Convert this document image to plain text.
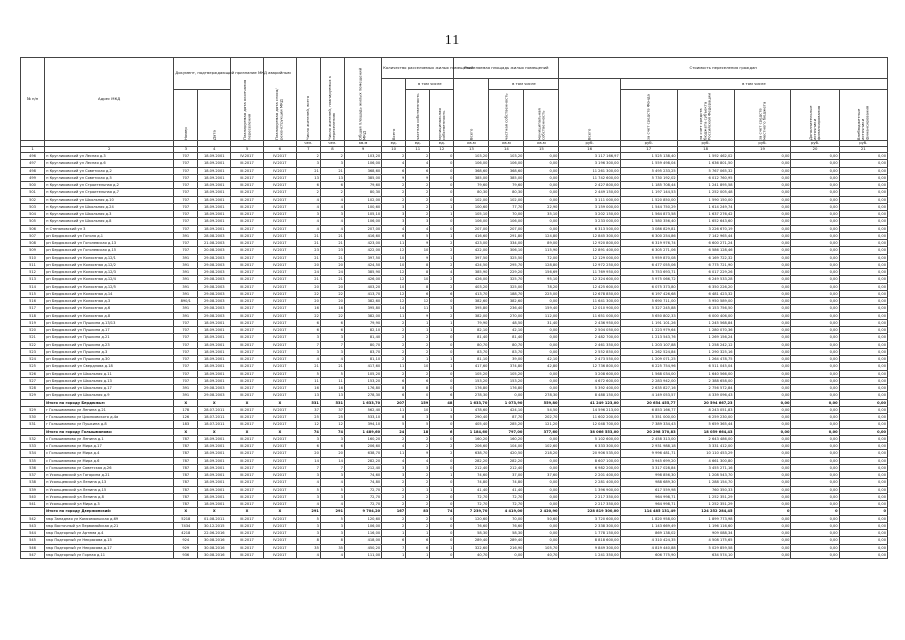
11
№ п/п	Адрес МКД	Документ, подтверждающий признание МКД аварийным		Планируемая дата окончания переселения	Планируемая дата сноса/ реконструкции МКД	Число жителей, всего	Число жителей, планируемых к переселению	Общая площадь жилых помещений МКД	Количество расселяемых жилых помещений			Расселяемая площадь жилых помещений			Стоимость переселения граждан					
									Всего	в том числе		Всего	в том числе		Всего	в том числе				
		Номер	Дата							частная собственность	муниципальная собственность		частная собственность	муниципальная собственность		за счет средств Фонда	за счет средств бюджета субъекта Российской Федерации	за счет средств местного бюджета	Дополнительные источники финансирования	Внебюджетные источники финансирования
						чел.	чел.	кв.м	ед.	ед.	ед.	кв.м	кв.м	кв.м	руб.	руб.	руб.	руб.	руб.	руб.
1	2	3	4	5	6	7	8	9	10	11	12	13	14	15	16	17	18	19	20	21
496	п Кругликовский ул Лесная д.3	707	18.09.2001	IV.2017	IV.2017	2	2	103,20	2	2	0	103,20	103,20	0,00	3 117 166,97	1 525 138,40	1 592 462,02	0,00	0,00	0,00
497	п Кругликовский ул Лесная д.6	707	18.09.2001	III.2017	IV.2017	3	3	106,00	4	4	0	106,00	106,00	0,00	3 196 300,00	1 559 498,04	1 636 801,50	0,00	0,00	0,00
498	п Кругликовский ул Советская д.2	707	18.09.2001	III.2017	IV.2017	21	21	368,60	6	6	0	368,60	368,60	0,00	11 261 300,00	5 495 233,25	5 767 065,32	0,00	0,00	0,00
499	п Кругликовский ул Советская д.5	707	18.09.2001	III.2017	IV.2017	13	13	385,00	9	9	0	385,00	385,00	0,00	11 742 600,00	5 730 192,02	6 012 760,95	0,00	0,00	0,00
500	п Кругликовский ул Строительная д.2	707	18.09.2001	III.2017	IV.2017	6	6	79,60	2	2	0	79,60	79,60	0,00	2 427 800,00	1 185 708,44	1 241 895,58	0,00	0,00	0,00
501	п Кругликовский ул Строительная д.7	707	18.09.2001	III.2017	IV.2017	2	2	80,30	2	2	0	80,30	80,30	0,00	2 449 150,00	1 197 144,53	1 252 005,48	0,00	0,00	0,00
502	п Кругликовский ул Школьная д.10	707	18.09.2001	III.2017	IV.2017	4	4	102,00	2	2	0	102,00	102,00	0,00	3 111 000,00	1 520 850,00	1 590 150,00	0,00	0,00	0,00
503	п Кругликовский ул Школьная д.24	707	18.09.2001	III.2017	IV.2017	4	4	100,60	3	2	1	100,60	77,70	22,90	3 159 000,00	1 544 750,29	1 614 249,74	0,00	0,00	0,00
504	п Кругликовский ул Школьная д.3	707	18.09.2001	III.2017	IV.2017	3	3	105,10	3	2	1	105,10	70,00	35,10	3 202 150,00	1 564 873,58	1 637 276,42	0,00	0,00	0,00
505	п Кругликовский ул Школьная д.8	707	18.09.2001	III.2017	IV.2017	4	4	106,00	3	3	0	106,00	106,00	0,00	3 233 000,00	1 580 356,40	1 652 643,60	0,00	0,00	0,00
506	п Степановский ул 3	707	18.09.2001	III.2017	IV.2017	4	4	207,00	4	4	0	207,00	207,00	0,00	6 313 500,00	3 086 829,81	3 226 670,19	0,00	0,00	0,00
507	рп Бердюжский ул Гоголя д.1	391	28.08.2003	III.2017	IV.2017	21	21	416,60	6	5	1	416,60	291,80	124,80	12 845 300,00	6 300 254,86	7 142 965,44	0,00	0,00	0,00
508	рп Бердюжский ул Гоголевская д.13	707	21.08.2003	III.2017	IV.2017	21	21	423,00	11	9	2	423,00	334,00	89,00	12 920 800,00	6 319 976,74	6 600 271,24	0,00	0,00	0,00
509	рп Бердюжский ул Гоголевская д.15	707	20.08.2003	III.2017	IV.2017	23	23	422,00	12	10	2	422,00	306,10	115,90	12 891 400,00	6 305 271,06	6 586 128,46	0,00	0,00	0,00
510	рп Бердюжский ул Колхозная д.12/1	391	29.08.2003	III.2017	IV.2017	21	21	397,50	10	9	1	397,50	325,50	72,00	12 129 000,00	5 959 870,08	6 169 722,32	0,00	0,00	0,00
511	рп Бердюжский ул Колхозная д.12/2	391	29.08.2003	III.2017	IV.2017	20	20	424,50	10	8	2	424,50	295,70	128,80	12 972 250,00	6 477 055,06	6 775 721,90	0,00	0,00	0,00
512	рп Бердюжский ул Колхозная д.12/3	391	29.08.2003	III.2017	IV.2017	24	24	385,90	12	8	4	385,90	229,20	156,69	11 769 950,00	5 753 693,71	6 017 229,26	0,00	0,00	0,00
513	рп Бердюжский ул Колхозная д.12/4	391	29.08.2003	III.2017	IV.2017	21	21	426,00	12	10	2	426,00	325,70	95,10	12 324 600,00	5 975 066,72	6 249 533,28	0,00	0,00	0,00
514	рп Бердюжский ул Колхозная д.12/5	391	29.08.2003	III.2017	IV.2017	20	20	403,20	10	8	2	403,20	325,00	78,20	12 425 600,00	6 075 373,80	6 350 226,20	0,00	0,00	0,00
515	рп Бердюжский ул Колхозная д.14	391	29.08.2003	III.2017	IV.2017	22	22	413,70	12	6	6	413,70	188,70	225,00	12 678 850,00	6 197 426,68	6 481 423,32	0,00	0,00	0,00
516	рп Бердюжский ул Колхозная д.3	890/1	29.08.2003	III.2017	IV.2017	20	20	382,60	12	12	0	382,60	382,60	0,00	11 641 300,00	5 690 711,00	5 950 589,00	0,00	0,00	0,00
517	рп Бердюжский ул Колхозная д.6	391	29.08.2003	III.2017	IV.2017	16	16	395,80	14	11	3	395,80	236,40	159,40	12 010 900,00	5 327 245,88	6 153 756,50	0,00	0,00	0,00
518	рп Бердюжский ул Колхозная д.8	391	29.08.2003	III.2017	IV.2017	22	22	382,00	11	9	2	382,00	270,00	112,00	11 651 000,00	5 650 802,33	6 000 406,00	0,00	0,00	0,00
519	рп Бердюжский ул Пушкина д.13/13	707	18.09.2001	III.2017	IV.2017	6	6	79,90	2	1	1	79,90	48,50	31,40	2 436 950,00	1 191 101,26	1 245 568,84	0,00	0,00	0,00
520	рп Бердюжский ул Пушкина д.17	707	18.09.2001	III.2017	IV.2017	6	6	82,10	2	1	1	82,10	42,10	0,00	2 504 050,00	1 223 979,64	1 280 070,36	0,00	0,00	0,00
521	рп Бердюжский ул Пушкина д.21	707	18.09.2001	III.2017	IV.2017	3	3	81,40	2	2	0	81,40	81,40	0,00	2 482 700,00	1 213 543,76	1 269 156,24	0,00	0,00	0,00
522	рп Бердюжский ул Пушкина д.23	707	18.09.2001	III.2017	IV.2017	7	7	80,70	2	2	0	80,70	80,70	0,00	2 461 350,00	1 203 107,88	1 258 242,12	0,00	0,00	0,00
523	рп Бердюжский ул Пушкина д.3	707	18.09.2001	III.2017	IV.2017	3	3	83,70	2	2	0	83,70	83,70	0,00	2 552 850,00	1 262 524,84	1 290 325,16	0,00	0,00	0,00
524	рп Бердюжский ул Пушкина д.30	707	18.09.2001	III.2017	IV.2017	4	4	81,10	2	1	1	81,10	39,00	42,10	2 473 550,00	1 209 071,25	1 264 478,75	0,00	0,00	0,00
525	рп Бердюжский ул Свердлова д.18	707	18.09.2001	III.2017	IV.2017	21	21	417,60	11	10	1	417,60	374,80	42,80	12 736 800,00	6 225 754,96	6 511 045,04	0,00	0,00	0,00
526	рп Бердюжский ул Школьная д.11	707	18.09.2001	III.2017	IV.2017	5	5	105,20	2	2	0	105,20	105,20	0,00	3 208 600,00	1 568 034,00	1 640 566,00	0,00	0,00	0,00
527	рп Бердюжский ул Школьная д.13	707	18.09.2001	III.2017	IV.2017	11	11	153,20	6	6	0	153,20	153,20	0,00	4 672 600,00	2 283 942,00	2 388 658,00	0,00	0,00	0,00
528	рп Бердюжский ул Школьная д.17	391	29.08.2003	III.2017	IV.2017	16	16	176,80	8	8	0	176,80	176,80	0,00	5 392 400,00	2 635 827,16	2 756 572,84	0,00	0,00	0,00
529	рп Бердюжский ул Школьная д.9	391	29.08.2003	III.2017	IV.2017	13	13	278,30	6	0	6	278,30	0,00	278,30	8 488 150,00	4 149 053,57	4 339 096,43	0,00	0,00	0,00
	Итого по городу Бердюжье:	X	X	X	X	531	531	1 633,70	207	159	48	1 633,70	1 073,90	559,80	41 249 123,00	20 654 455,77	20 594 667,23	0,00	0,00	0,00
529	г Голышманово ул Ленина д.21	178	28.07.2011	III.2017	IV.2017	37	37	562,40	11	10	1	478,60	424,10	54,50	14 596 213,00	6 853 166,77	8 243 051,83	0,00	0,00	0,00
530	г Голышманово ул Циолковского д.4а	126	18.07.2011	III.2017	IV.2017	25	25	533,10	8	3	5	290,40	87,70	202,70	11 602 200,00	5 351 000,00	6 259 230,00	0,00	0,00	0,00
531	г Голышманово ул Пушкина д.8	183	18.07.2011	III.2017	IV.2017	12	12	394,10	5	5	0	405,40	285,20	121,20	12 048 700,00	7 389 334,43	5 659 365,44	0,00	0,00	0,00
	Итого по городу Голышманово:	X	X	X	X	74	74	1 489,60	24	18	6	1 184,60	797,00	377,60	38 066 553,00	20 298 370,83	18 059 664,43	0,00	0,00	0,00
532	с Голышманово ул Ленина д.1	787	18.09.2001	III.2017	IV.2017	3	3	160,20	2	2	0	160,20	160,20	0,00	5 102 600,00	2 458 313,00	2 643 486,00	0,00	0,00	0,00
533	с Голышманово ул Мира д.17	787	18.09.2001	III.2017	IV.2017	6	6	206,60	4	2	2	206,60	104,00	102,60	6 333 300,00	2 931 988,18	3 331 412,00	0,00	0,00	0,00
534	с Голышманово ул Мира д.4	787	18.09.2001	III.2017	IV.2017	20	20	638,70	11	9	2	638,70	420,50	218,20	20 906 535,00	9 996 481,71	10 110 453,29	0,00	0,00	0,00
535	с Голышманово ул Мира д.6	787	18.09.2001	III.2017	IV.2017	14	14	282,20	4	4	0	282,20	282,20	0,00	8 607 100,00	3 945 699,20	4 661 300,80	0,00	0,00	0,00
536	с Голышманово ул Советская д.26	787	18.09.2001	III.2017	IV.2017	7	7	212,40	3	3	0	212,40	212,40	0,00	6 982 200,00	3 317 028,84	3 455 271,16	0,00	0,00	0,00
537	п Усольцевский ул Гагарина д.21	787	18.09.2001	III.2017	IV.2017	3	3	74,60	3	2	1	74,60	37,00	37,60	2 201 400,00	998 856,30	1 208 543,70	0,00	0,00	0,00
538	п Усольцевский ул Ленина д.13	787	18.09.2001	III.2017	IV.2017	4	4	74,80	2	2	0	74,80	74,80	0,00	2 281 400,00	988 689,30	1 288 154,70	0,00	0,00	0,00
539	п Усольцевский ул Ленина д.15	787	18.09.2001	III.2017	IV.2017	5	5	72,70	2	1	1	41,40	41,40	0,00	1 396 900,00	617 559,98	760 350,33	0,00	0,00	0,00
540	п Усольцевский ул Ленина д.8	787	18.09.2001	III.2017	IV.2017	3	3	72,70	2	2	0	72,70	72,70	0,00	2 217 350,00	964 998,71	1 252 351,29	0,00	0,00	0,00
541	п Усольцевский ул Мира д.3	787	18.09.2001	III.2017	IV.2017	4	4	72,70	2	2	0	72,70	72,70	0,00	2 217 350,00	964 998,71	1 252 351,29	0,00	0,00	0,00
	Итого по городу Дзержинский:	X	X	X	X	291	291	9 704,20	167	83	74	7 239,70	4 419,00	2 420,90	228 819 300,00	114 485 131,49	124 252 284,45	0	0	0
542	мкр Западная ул Комсомольская д.69	5218	01.08.2011	III.2017	IV.2017	5	5	120,60	2	2	0	120,60	70,00	50,60	3 720 600,00	1 820 958,00	1 899 773,98	0,00	0,00	0,00
543	мкр Восточный ул Первомайская д.21	7434	30.12.2015	III.2017	IV.2017	3	3	106,00	2	2	0	76,60	76,60	0,00	2 338 300,00	1 143 669,49	1 196 116,60	0,00	0,00	0,00
544	мкр Подгорный ул Артема д.4	4218	22.06.2016	III.2017	IV.2017	3	3	116,00	1	1	0	58,30	58,30	0,00	1 778 150,00	869 138,02	909 088,34	0,00	0,00	0,00
545	мкр Подгорный ул Некрасова д.15	924	30.08.2016	III.2017	IV.2017	8	8	418,00	6	6	0	289,40	289,40	0,00	8 818 600,00	4 310 424,35	4 508 175,65	0,00	0,00	0,00
546	мкр Подгорный ул Некрасова д.17	929	30.08.2016	III.2017	IV.2017	35	35	450,20	7	6	1	322,60	216,90	105,70	9 849 300,00	4 819 440,88	5 029 859,58	0,00	0,00	0,00
547	мкр Подгорный ул Горная д.11	936	30.08.2016	III.2017	IV.2017	4	4	111,00	1	1	0	40,70	0,00	40,70	1 241 350,00	606 775,90	634 574,10	0,00	0,00	0,00
